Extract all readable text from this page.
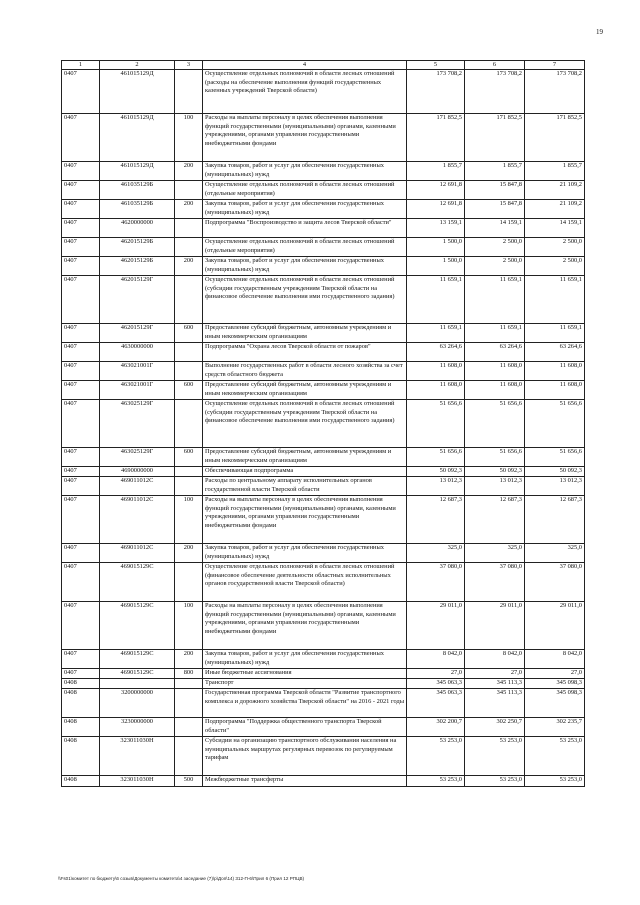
19
1	2	3	4	5	6	7
0407	461015129Д		Осуществление отдельных полномочий в области лесных отношений (расходы на обеспечение выполнения функций государственных казенных учреждений Тверской области)	173 708,2	173 708,2	173 708,2
0407	461015129Д	100	Расходы на выплаты персоналу в целях обеспечения выполнения функций государственными (муниципальными) органами, казенными учреждениями, органами управления государственными внебюджетными фондами	171 852,5	171 852,5	171 852,5
0407	461015129Д	200	Закупка товаров, работ и услуг для обеспечения государственных (муниципальных) нужд	1 855,7	1 855,7	1 855,7
0407	461035129Б		Осуществление отдельных полномочий в области лесных отношений (отдельные мероприятия)	12 691,8	15 847,8	21 109,2
0407	461035129Б	200	Закупка товаров, работ и услуг для обеспечения государственных (муниципальных) нужд	12 691,8	15 847,8	21 109,2
0407	4620000000		Подпрограмма "Воспроизводство и защита лесов Тверской области"	13 159,1	14 159,1	14 159,1
0407	462015129Б		Осуществление отдельных полномочий в области лесных отношений (отдельные мероприятия)	1 500,0	2 500,0	2 500,0
0407	462015129Б	200	Закупка товаров, работ и услуг для обеспечения государственных (муниципальных) нужд	1 500,0	2 500,0	2 500,0
0407	462015129Г		Осуществление отдельных полномочий в области лесных отношений (субсидии государственным учреждениям Тверской области на финансовое обеспечение выполнения ими государственного задания)	11 659,1	11 659,1	11 659,1
0407	462015129Г	600	Предоставление субсидий бюджетным, автономным учреждениям и иным некоммерческим организациям	11 659,1	11 659,1	11 659,1
0407	4630000000		Подпрограмма "Охрана лесов Тверской области от пожаров"	63 264,6	63 264,6	63 264,6
0407	463021001Г		Выполнение государственных работ в области лесного хозяйства за счет средств областного бюджета	11 608,0	11 608,0	11 608,0
0407	463021001Г	600	Предоставление субсидий бюджетным, автономным учреждениям и иным некоммерческим организациям	11 608,0	11 608,0	11 608,0
0407	463025129Г		Осуществление отдельных полномочий в области лесных отношений (субсидии государственным учреждениям Тверской области на финансовое обеспечение выполнения ими государственного задания)	51 656,6	51 656,6	51 656,6
0407	463025129Г	600	Предоставление субсидий бюджетным, автономным учреждениям и иным некоммерческим организациям	51 656,6	51 656,6	51 656,6
0407	4690000000		Обеспечивающая подпрограмма	50 092,3	50 092,3	50 092,3
0407	469011012С		Расходы по центральному аппарату исполнительных органов государственной власти Тверской области	13 012,3	13 012,3	13 012,3
0407	469011012С	100	Расходы на выплаты персоналу в целях обеспечения выполнения функций государственными (муниципальными) органами, казенными учреждениями, органами управления государственными внебюджетными фондами	12 687,3	12 687,3	12 687,3
0407	469011012С	200	Закупка товаров, работ и услуг для обеспечения государственных (муниципальных) нужд	325,0	325,0	325,0
0407	469015129С		Осуществление отдельных полномочий в области лесных отношений (финансовое обеспечение деятельности областных исполнительных органов государственной власти Тверской области)	37 080,0	37 080,0	37 080,0
0407	469015129С	100	Расходы на выплаты персоналу в целях обеспечения выполнения функций государственными (муниципальными) органами, казенными учреждениями, органами управления государственными внебюджетными фондами	29 011,0	29 011,0	29 011,0
0407	469015129С	200	Закупка товаров, работ и услуг для обеспечения государственных (муниципальных) нужд	8 042,0	8 042,0	8 042,0
0407	469015129С	800	Иные бюджетные ассигнования	27,0	27,0	27,0
0408			Транспорт	345 063,3	345 113,3	345 098,3
0408	3200000000		Государственная программа Тверской области "Развитие транспортного комплекса и дорожного хозяйства Тверской области" на 2016 - 2021 годы	345 063,3	345 113,3	345 098,3
0408	3230000000		Подпрограмма "Поддержка общественного транспорта Тверской области"	302 200,7	302 250,7	302 235,7
0408	323011030Н		Субсидии на организацию транспортного обслуживания населения на муниципальных маршрутах регулярных перевозок по регулируемым тарифам	53 253,0	53 253,0	53 253,0
0408	323011030Н	500	Межбюджетные трансферты	53 253,0	53 253,0	53 253,0
\\Fs01\комитет по бюджету\6 созыв\Документы комитета\4 заседание (7)\р\Доп\14) 312-П-6\Прил 6 (Прил 12 РПЦВ)
